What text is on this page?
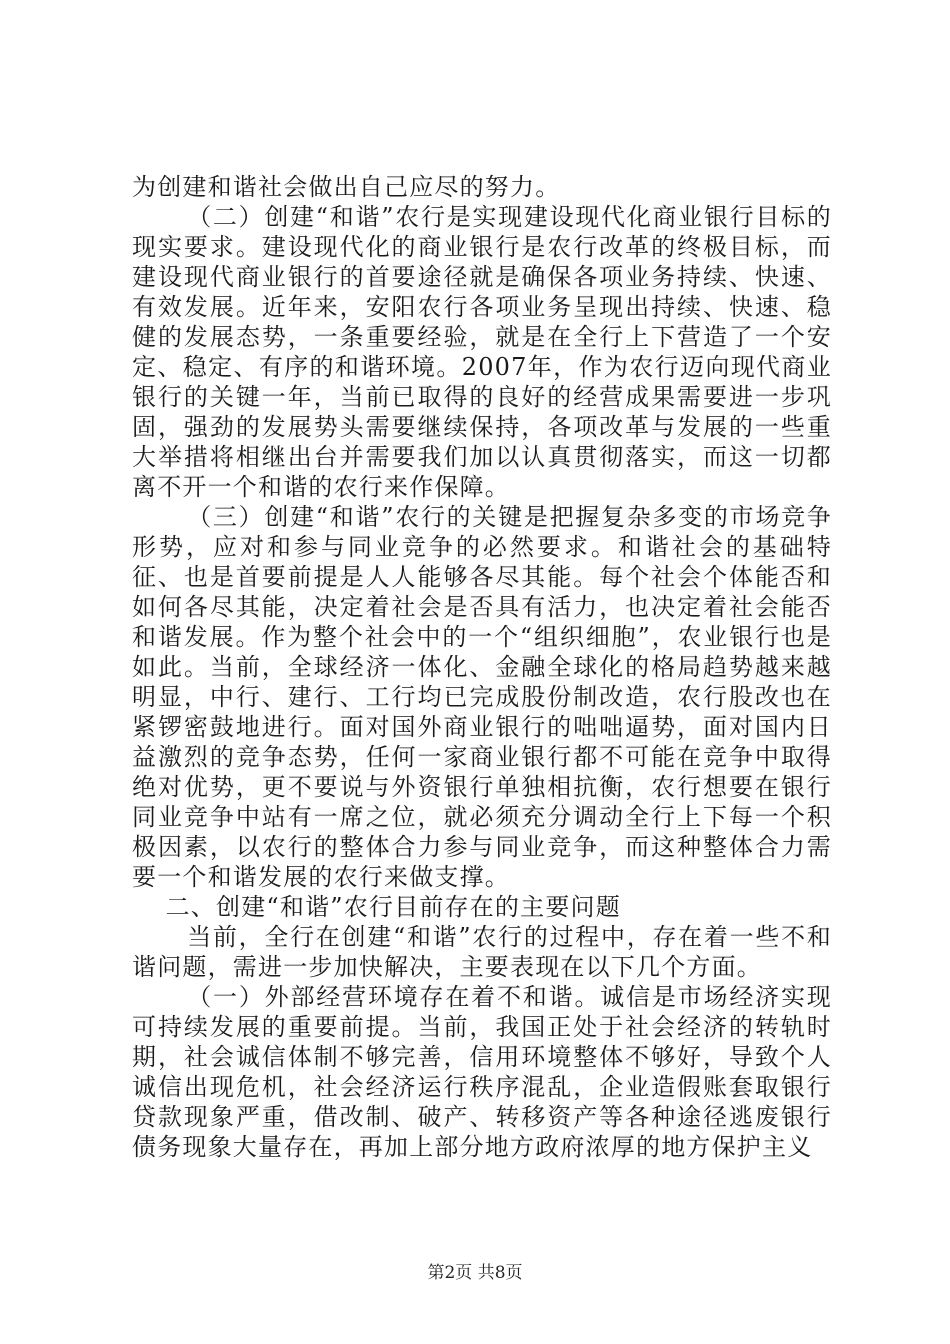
为创建和谐社会做出自己应尽的努力。

（二）创建“和谐”农行是实现建设现代化商业银行目标的现实要求。建设现代化的商业银行是农行改革的终极目标，而建设现代商业银行的首要途径就是确保各项业务持续、快速、有效发展。近年来，安阳农行各项业务呈现出持续、快速、稳健的发展态势，一条重要经验，就是在全行上下营造了一个安定、稳定、有序的和谐环境。2007年，作为农行迈向现代商业银行的关键一年，当前已取得的良好的经营成果需要进一步巩固，强劲的发展势头需要继续保持，各项改革与发展的一些重大举措将相继出台并需要我们加以认真贯彻落实，而这一切都离不开一个和谐的农行来作保障。

（三）创建“和谐”农行的关键是把握复杂多变的市场竞争形势，应对和参与同业竞争的必然要求。和谐社会的基础特征、也是首要前提是人人能够各尽其能。每个社会个体能否和如何各尽其能，决定着社会是否具有活力，也决定着社会能否和谐发展。作为整个社会中的一个“组织细胞”，农业银行也是如此。当前，全球经济一体化、金融全球化的格局趋势越来越明显，中行、建行、工行均已完成股份制改造，农行股改也在紧锣密鼓地进行。面对国外商业银行的咄咄逼势，面对国内日益激烈的竞争态势，任何一家商业银行都不可能在竞争中取得绝对优势，更不要说与外资银行单独相抗衡，农行想要在银行同业竞争中站有一席之位，就必须充分调动全行上下每一个积极因素，以农行的整体合力参与同业竞争，而这种整体合力需要一个和谐发展的农行来做支撑。

二、创建“和谐”农行目前存在的主要问题

当前，全行在创建“和谐”农行的过程中，存在着一些不和谐问题，需进一步加快解决，主要表现在以下几个方面。

（一）外部经营环境存在着不和谐。诚信是市场经济实现可持续发展的重要前提。当前，我国正处于社会经济的转轨时期，社会诚信体制不够完善，信用环境整体不够好，导致个人诚信出现危机，社会经济运行秩序混乱，企业造假账套取银行贷款现象严重，借改制、破产、转移资产等各种途径逃废银行债务现象大量存在，再加上部分地方政府浓厚的地方保护主义

第2页 共8页
